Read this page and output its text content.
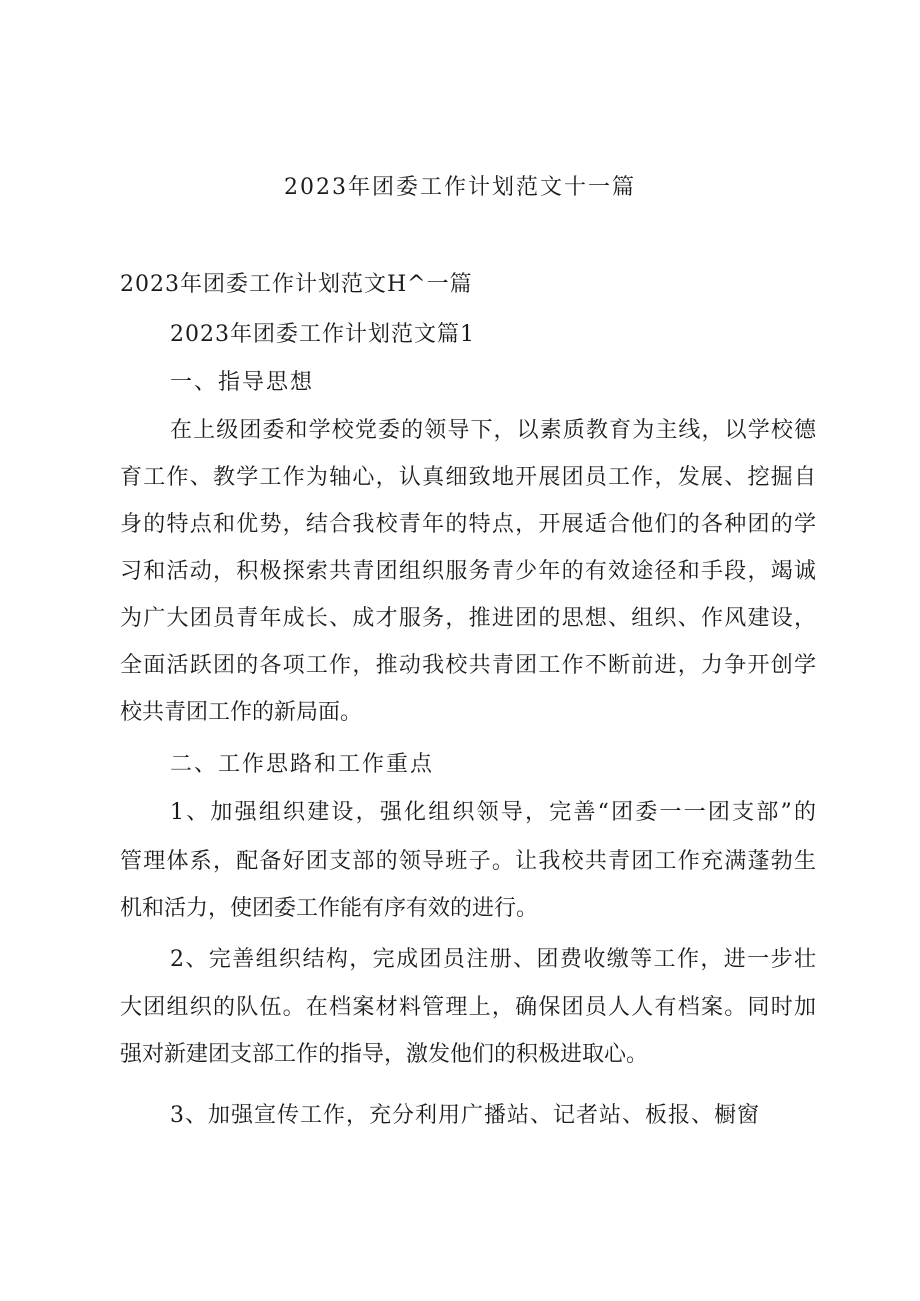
2023年团委工作计划范文十一篇
2023年团委工作计划范文H^一篇
2023年团委工作计划范文篇1
一、指导思想
在上级团委和学校党委的领导下，以素质教育为主线，以学校德
育工作、教学工作为轴心，认真细致地开展团员工作，发展、挖掘自
身的特点和优势，结合我校青年的特点，开展适合他们的各种团的学
习和活动，积极探索共青团组织服务青少年的有效途径和手段，竭诚
为广大团员青年成长、成才服务，推进团的思想、组织、作风建设，
全面活跃团的各项工作，推动我校共青团工作不断前进，力争开创学
校共青团工作的新局面。
二、工作思路和工作重点
1、加强组织建设，强化组织领导，完善“团委一一团支部”的
管理体系，配备好团支部的领导班子。让我校共青团工作充满蓬勃生
机和活力，使团委工作能有序有效的进行。
2、完善组织结构，完成团员注册、团费收缴等工作，进一步壮
大团组织的队伍。在档案材料管理上，确保团员人人有档案。同时加
强对新建团支部工作的指导，激发他们的积极进取心。
3、加强宣传工作，充分利用广播站、记者站、板报、橱窗
